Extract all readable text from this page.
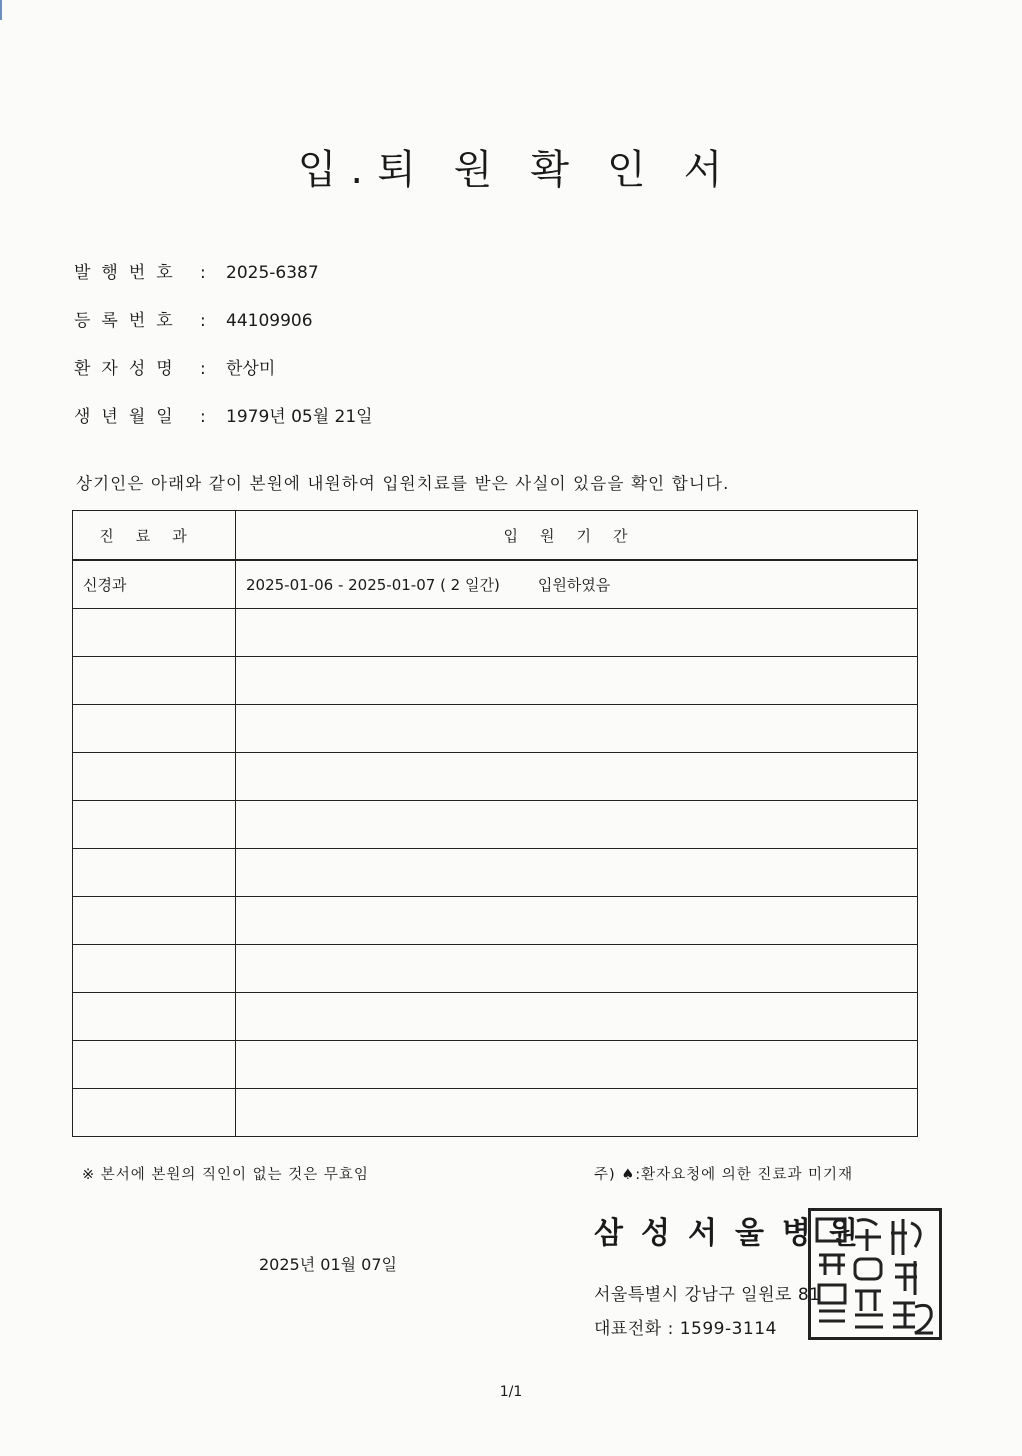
입 . 퇴 원 확 인 서
발행번호 : 2025-6387
등록번호 : 44109906
환자성명 : 한상미
생년월일 : 1979년 05월 21일
상기인은 아래와 같이 본원에 내원하여 입원치료를 받은 사실이 있음을 확인 합니다.
진료과	입원기간
신경과	2025-01-06 - 2025-01-07 ( 2 일간) 입원하였음

※ 본서에 본원의 직인이 없는 것은 무효임	주) ♠:환자요청에 의한 진료과 미기재
2025년 01월 07일
삼성서울병원
서울특별시 강남구 일원로 81
대표전화 : 1599-3114
1/1
